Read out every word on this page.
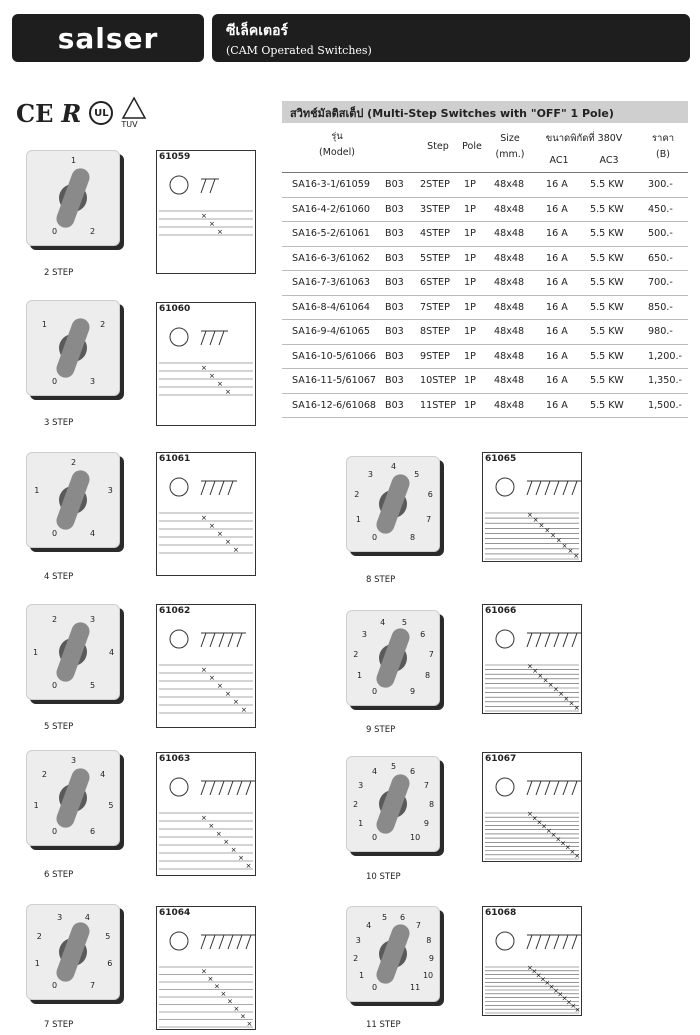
salser	ซีเล็คเตอร์
(CAM Operated Switches)
CE R	UL
TUV
สวิทช์มัลติสเต็ป (Multi-Step Switches with "OFF" 1 Pole)
รุ่น
(Model)
Step	Pole
Size
(mm.)
ขนาดพิกัดที่ 380V
AC1	AC3
ราคา
(B)
SA16-3-1/61059 B03 2STEP 1P 48x48 16 A 5.5 KW	300.-
SA16-4-2/61060 B03 3STEP 1P 48x48 16 A 5.5 KW	450.-
SA16-5-2/61061 B03 4STEP 1P 48x48 16 A 5.5 KW	500.-
SA16-6-3/61062 B03 5STEP 1P 48x48 16 A 5.5 KW	650.-
SA16-7-3/61063 B03 6STEP 1P 48x48 16 A 5.5 KW	700.-
SA16-8-4/61064 B03 7STEP 1P 48x48 16 A 5.5 KW	850.-
SA16-9-4/61065 B03 8STEP 1P 48x48 16 A 5.5 KW	980.-
SA16-10-5/61066 B03 9STEP 1P 48x48 16 A 5.5 KW	1,200.-
SA16-11-5/61067 B03 10STEP 1P 48x48 16 A 5.5 KW	1,350.-
SA16-12-6/61068 B03 11STEP 1P 48x48 16 A 5.5 KW	1,500.-
0
1
2
2 STEP
61059
×
×
×
0
1	2
3
3 STEP
61060
×
×
×
×
0
1
2
3
4
4 STEP
61061
×
×
×
×
×
0
1
2	3
4
5
5 STEP
61062
×
×
×
×
×
×
0
1
2
3
4
5
6
6 STEP
61063
×
×
×
×
×
×
×
0
1
2
3	4
5
6
7
7 STEP
61064
×
×
×
×
×
×
×
×
0
1
2
3
4
5
6
7
8
8 STEP
61065
×
×
×
×
×
×
×
×
×
0
1
2
3
4 5
6
7
8
9
9 STEP
61066
×
×
×
×
×
×
×
×
×
×
0
1
2
3
4
5
6
7
8
9
10
10 STEP
61067
×
×
×
×
×
×
×
×
×
×
×
0
1
2
3
4
5 6
7
8
9
10
11
11 STEP
61068
×
×
×
×
×
×
×
×
×
×
×
×
